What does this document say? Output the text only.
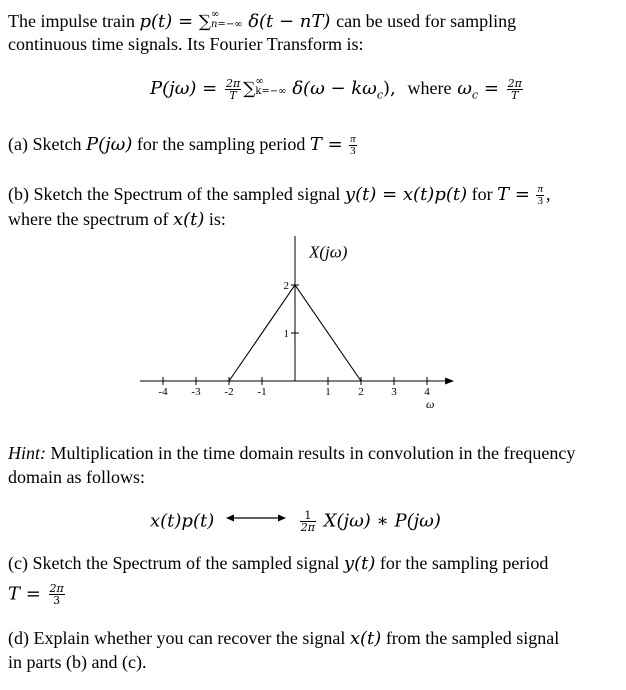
The impulse train p(t) = ∑ ∞
n=−∞ δ(t − nT) can be used for sampling
continuous time signals. Its Fourier Transform is:
$P(j\omega) = \frac{2\pi}{T}$ ∑ ∞
k=−∞ $\delta(\omega - k\omega_c)$, where $\omega_c = \frac{2\pi}{T}$
(a) Sketch P(jω) for the sampling period $T = \frac{\pi}{3}$
(b) Sketch the Spectrum of the sampled signal y(t) = x(t)p(t) for $T = \frac{\pi}{3}$ ,
where the spectrum of x(t) is:
-4 -3 -2 -1	1	2	3	4
1
2
X(jω)
ω
Hint: Multiplication in the time domain results in convolution in the frequency
domain as follows:
x(t)p(t)	$\frac{1}{2\pi} X(j\omega)$ ∗ P(jω)
(c) Sketch the Spectrum of the sampled signal y(t) for the sampling period
$T = \frac{2\pi}{3}$
(d) Explain whether you can recover the signal x(t) from the sampled signal
in parts (b) and (c).
